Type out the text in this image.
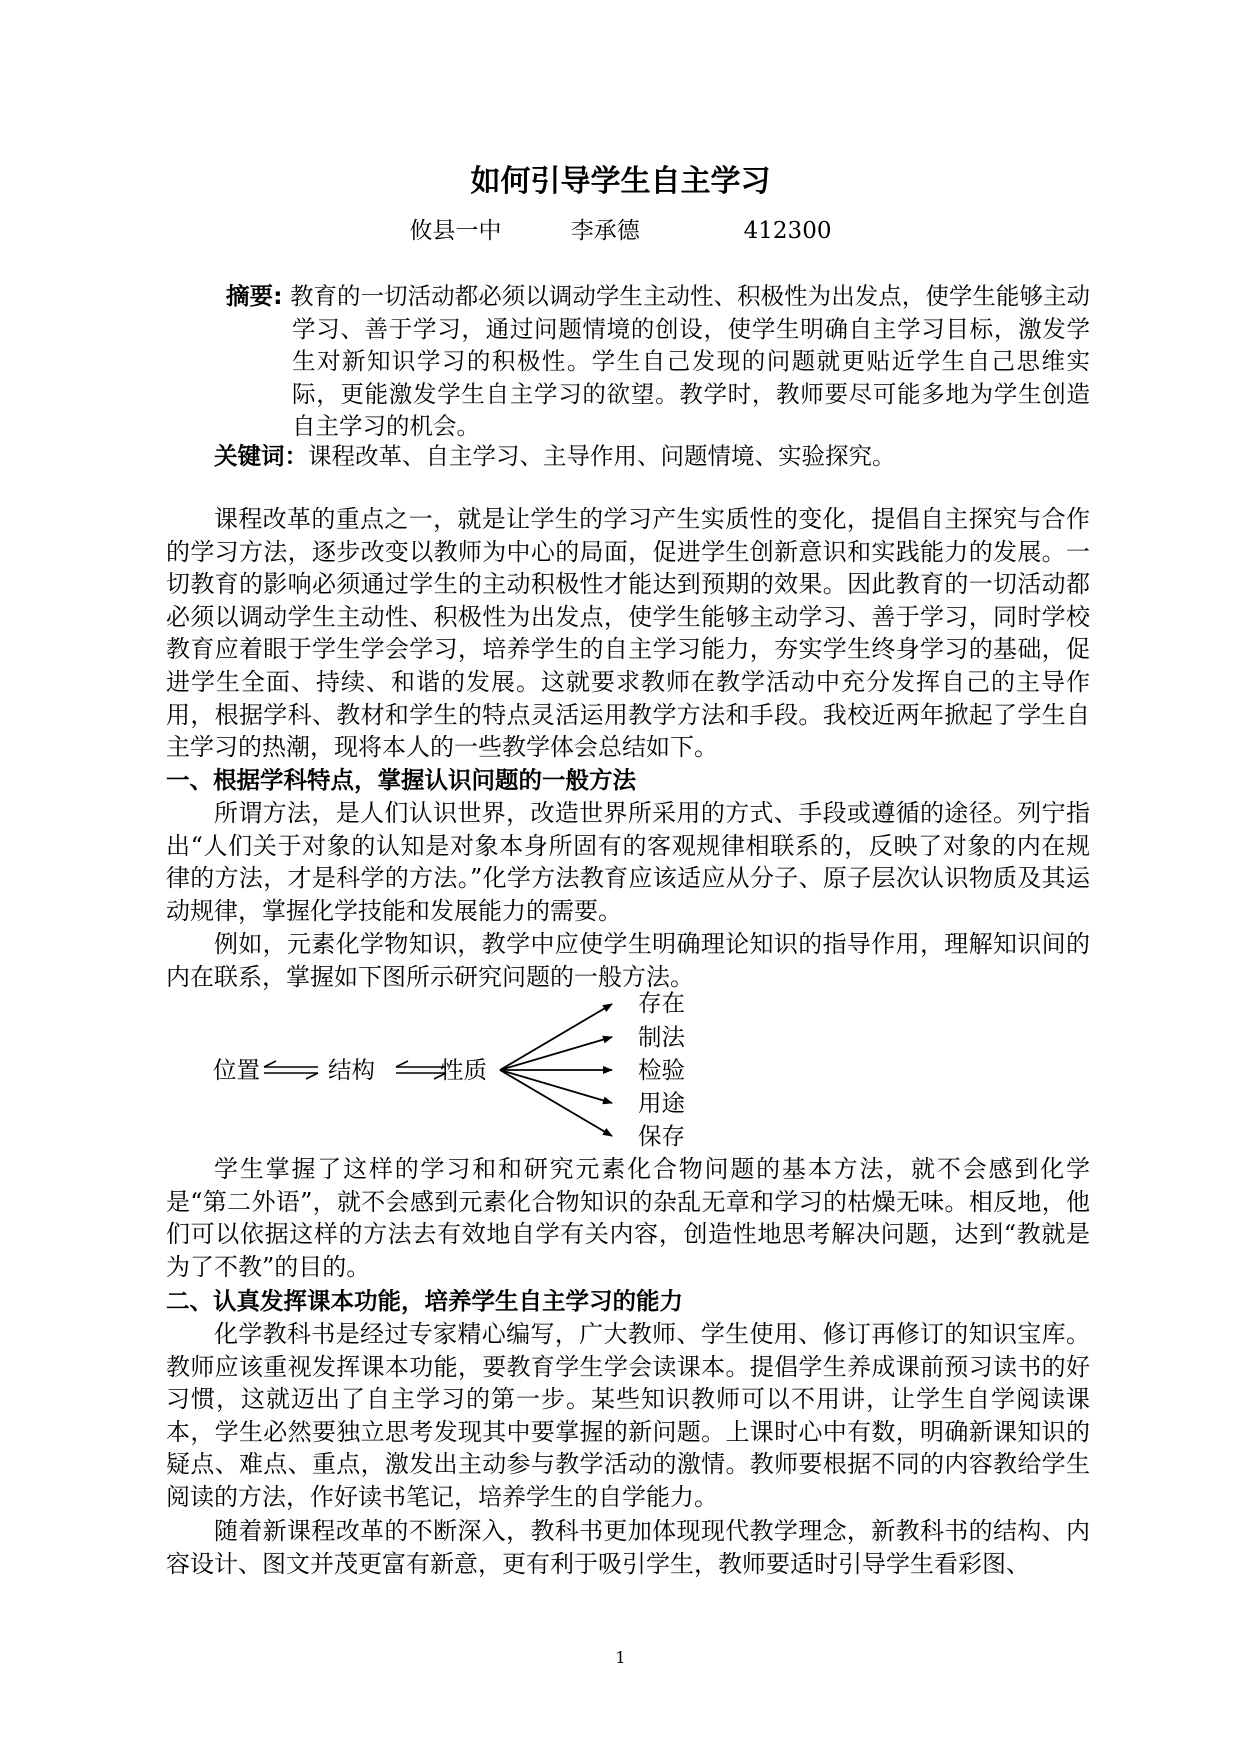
如何引导学生自主学习
攸县一中	李承德	412300

摘要: 教育的一切活动都必须以调动学生主动性、积极性为出发点，使学生能够主动学习、善于学习，通过问题情境的创设，使学生明确自主学习目标，激发学生对新知识学习的积极性。学生自己发现的问题就更贴近学生自己思维实际，更能激发学生自主学习的欲望。教学时，教师要尽可能多地为学生创造自主学习的机会。

关键词：课程改革、自主学习、主导作用、问题情境、实验探究。

课程改革的重点之一，就是让学生的学习产生实质性的变化，提倡自主探究与合作的学习方法，逐步改变以教师为中心的局面，促进学生创新意识和实践能力的发展。一切教育的影响必须通过学生的主动积极性才能达到预期的效果。因此教育的一切活动都必须以调动学生主动性、积极性为出发点，使学生能够主动学习、善于学习，同时学校教育应着眼于学生学会学习，培养学生的自主学习能力，夯实学生终身学习的基础，促进学生全面、持续、和谐的发展。这就要求教师在教学活动中充分发挥自己的主导作用，根据学科、教材和学生的特点灵活运用教学方法和手段。我校近两年掀起了学生自主学习的热潮，现将本人的一些教学体会总结如下。

一、根据学科特点，掌握认识问题的一般方法

所谓方法，是人们认识世界，改造世界所采用的方式、手段或遵循的途径。列宁指出“人们关于对象的认知是对象本身所固有的客观规律相联系的，反映了对象的内在规律的方法，才是科学的方法。”化学方法教育应该适应从分子、原子层次认识物质及其运动规律，掌握化学技能和发展能力的需要。

例如，元素化学物知识，教学中应使学生明确理论知识的指导作用，理解知识间的内在联系，掌握如下图所示研究问题的一般方法。

位置	结构	性质
存在
制法
检验
用途
保存

学生掌握了这样的学习和和研究元素化合物问题的基本方法，就不会感到化学是“第二外语”，就不会感到元素化合物知识的杂乱无章和学习的枯燥无味。相反地，他们可以依据这样的方法去有效地自学有关内容，创造性地思考解决问题，达到“教就是为了不教”的目的。

二、认真发挥课本功能，培养学生自主学习的能力

化学教科书是经过专家精心编写，广大教师、学生使用、修订再修订的知识宝库。教师应该重视发挥课本功能，要教育学生学会读课本。提倡学生养成课前预习读书的好习惯，这就迈出了自主学习的第一步。某些知识教师可以不用讲，让学生自学阅读课本，学生必然要独立思考发现其中要掌握的新问题。上课时心中有数，明确新课知识的疑点、难点、重点，激发出主动参与教学活动的激情。教师要根据不同的内容教给学生阅读的方法，作好读书笔记，培养学生的自学能力。

随着新课程改革的不断深入，教科书更加体现现代教学理念，新教科书的结构、内容设计、图文并茂更富有新意，更有利于吸引学生，教师要适时引导学生看彩图、

1
